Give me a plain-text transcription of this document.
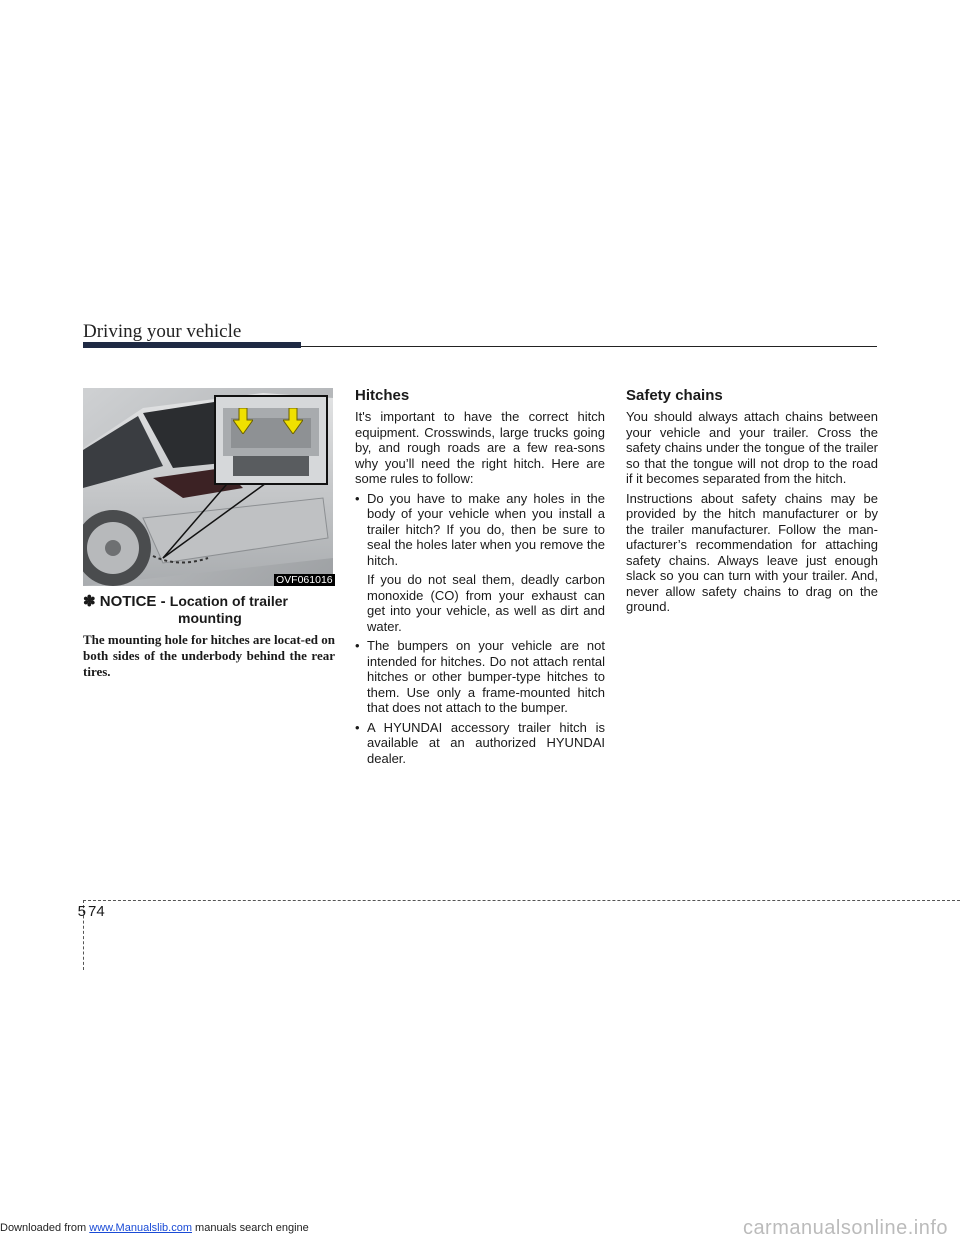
Driving your vehicle
OVF061016
✽ NOTICE - Location of trailer
mounting
The mounting hole for hitches are locat-ed on both sides of the underbody behind the rear tires.
Hitches

It's important to have the correct hitch equipment. Crosswinds, large trucks going by, and rough roads are a few rea-sons why you’ll need the right hitch. Here are some rules to follow:

• Do you have to make any holes in the body of your vehicle when you install a trailer hitch? If you do, then be sure to seal the holes later when you remove the hitch.

If you do not seal them, deadly carbon monoxide (CO) from your exhaust can get into your vehicle, as well as dirt and water.

• The bumpers on your vehicle are not intended for hitches. Do not attach rental hitches or other bumper-type hitches to them. Use only a frame-mounted hitch that does not attach to the bumper.
• A HYUNDAI accessory trailer hitch is available at an authorized HYUNDAI dealer.
Safety chains

You should always attach chains between your vehicle and your trailer. Cross the safety chains under the tongue of the trailer so that the tongue will not drop to the road if it becomes separated from the hitch.

Instructions about safety chains may be provided by the hitch manufacturer or by the trailer manufacturer. Follow the man-ufacturer’s recommendation for attaching safety chains. Always leave just enough slack so you can turn with your trailer. And, never allow safety chains to drag on the ground.

5 74
Downloaded from www.Manualslib.com manuals search engine	carmanualsonline.info
